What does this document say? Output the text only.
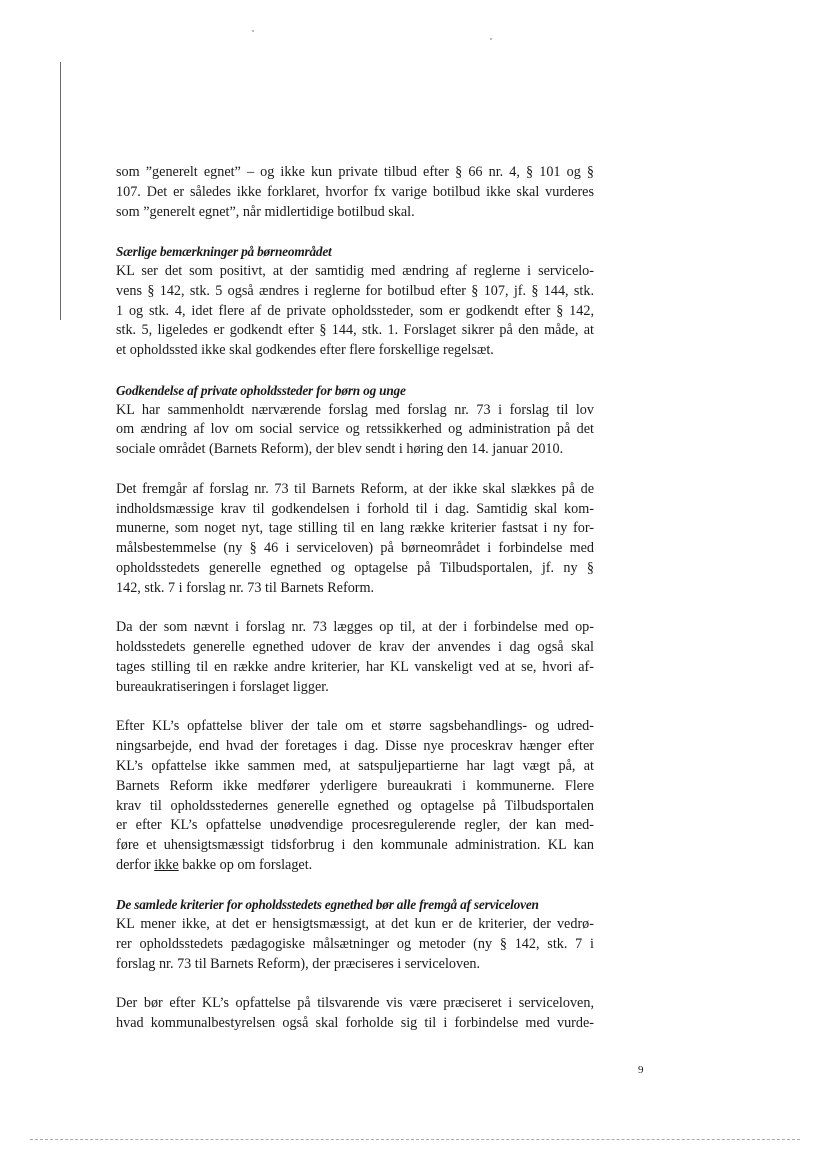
som ”generelt egnet” – og ikke kun private tilbud efter § 66 nr. 4, § 101 og §
107. Det er således ikke forklaret, hvorfor fx varige botilbud ikke skal vurderes
som ”generelt egnet”, når midlertidige botilbud skal.

Særlige bemærkninger på børneområdet
KL ser det som positivt, at der samtidig med ændring af reglerne i servicelo-
vens § 142, stk. 5 også ændres i reglerne for botilbud efter § 107, jf. § 144, stk.
1 og stk. 4, idet flere af de private opholdssteder, som er godkendt efter § 142,
stk. 5, ligeledes er godkendt efter § 144, stk. 1. Forslaget sikrer på den måde, at
et opholdssted ikke skal godkendes efter flere forskellige regelsæt.

Godkendelse af private opholdssteder for børn og unge
KL har sammenholdt nærværende forslag med forslag nr. 73 i forslag til lov
om ændring af lov om social service og retssikkerhed og administration på det
sociale området (Barnets Reform), der blev sendt i høring den 14. januar 2010.

Det fremgår af forslag nr. 73 til Barnets Reform, at der ikke skal slækkes på de
indholdsmæssige krav til godkendelsen i forhold til i dag. Samtidig skal kom-
munerne, som noget nyt, tage stilling til en lang række kriterier fastsat i ny for-
målsbestemmelse (ny § 46 i serviceloven) på børneområdet i forbindelse med
opholdsstedets generelle egnethed og optagelse på Tilbudsportalen, jf. ny §
142, stk. 7 i forslag nr. 73 til Barnets Reform.

Da der som nævnt i forslag nr. 73 lægges op til, at der i forbindelse med op-
holdsstedets generelle egnethed udover de krav der anvendes i dag også skal
tages stilling til en række andre kriterier, har KL vanskeligt ved at se, hvori af-
bureaukratiseringen i forslaget ligger.

Efter KL’s opfattelse bliver der tale om et større sagsbehandlings- og udred-
ningsarbejde, end hvad der foretages i dag. Disse nye proceskrav hænger efter
KL’s opfattelse ikke sammen med, at satspuljepartierne har lagt vægt på, at
Barnets Reform ikke medfører yderligere bureaukrati i kommunerne. Flere
krav til opholdsstedernes generelle egnethed og optagelse på Tilbudsportalen
er efter KL’s opfattelse unødvendige procesregulerende regler, der kan med-
føre et uhensigtsmæssigt tidsforbrug i den kommunale administration. KL kan
derfor ikke bakke op om forslaget.

De samlede kriterier for opholdsstedets egnethed bør alle fremgå af serviceloven
KL mener ikke, at det er hensigtsmæssigt, at det kun er de kriterier, der vedrø-
rer opholdsstedets pædagogiske målsætninger og metoder (ny § 142, stk. 7 i
forslag nr. 73 til Barnets Reform), der præciseres i serviceloven.

Der bør efter KL’s opfattelse på tilsvarende vis være præciseret i serviceloven,
hvad kommunalbestyrelsen også skal forholde sig til i forbindelse med vurde-

9
